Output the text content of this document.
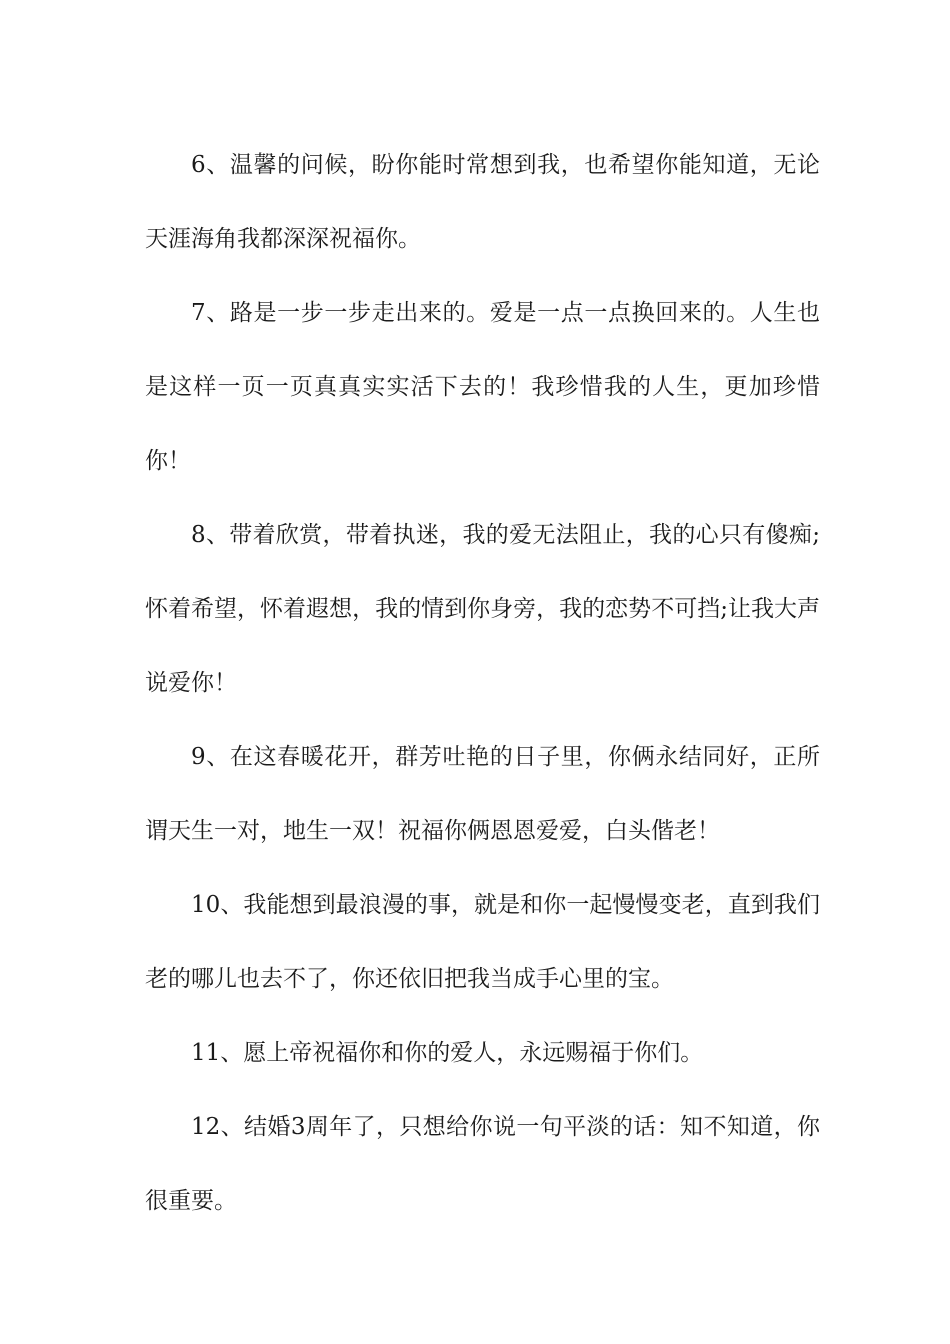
6、温馨的问候，盼你能时常想到我，也希望你能知道，无论天涯海角我都深深祝福你。

7、路是一步一步走出来的。爱是一点一点换回来的。人生也是这样一页一页真真实实活下去的！我珍惜我的人生，更加珍惜你！

8、带着欣赏，带着执迷，我的爱无法阻止，我的心只有傻痴;怀着希望，怀着遐想，我的情到你身旁，我的恋势不可挡;让我大声说爱你！

9、在这春暖花开，群芳吐艳的日子里，你俩永结同好，正所谓天生一对，地生一双！祝福你俩恩恩爱爱，白头偕老！

10、我能想到最浪漫的事，就是和你一起慢慢变老，直到我们老的哪儿也去不了，你还依旧把我当成手心里的宝。

11、愿上帝祝福你和你的爱人，永远赐福于你们。

12、结婚3周年了，只想给你说一句平淡的话：知不知道，你很重要。
